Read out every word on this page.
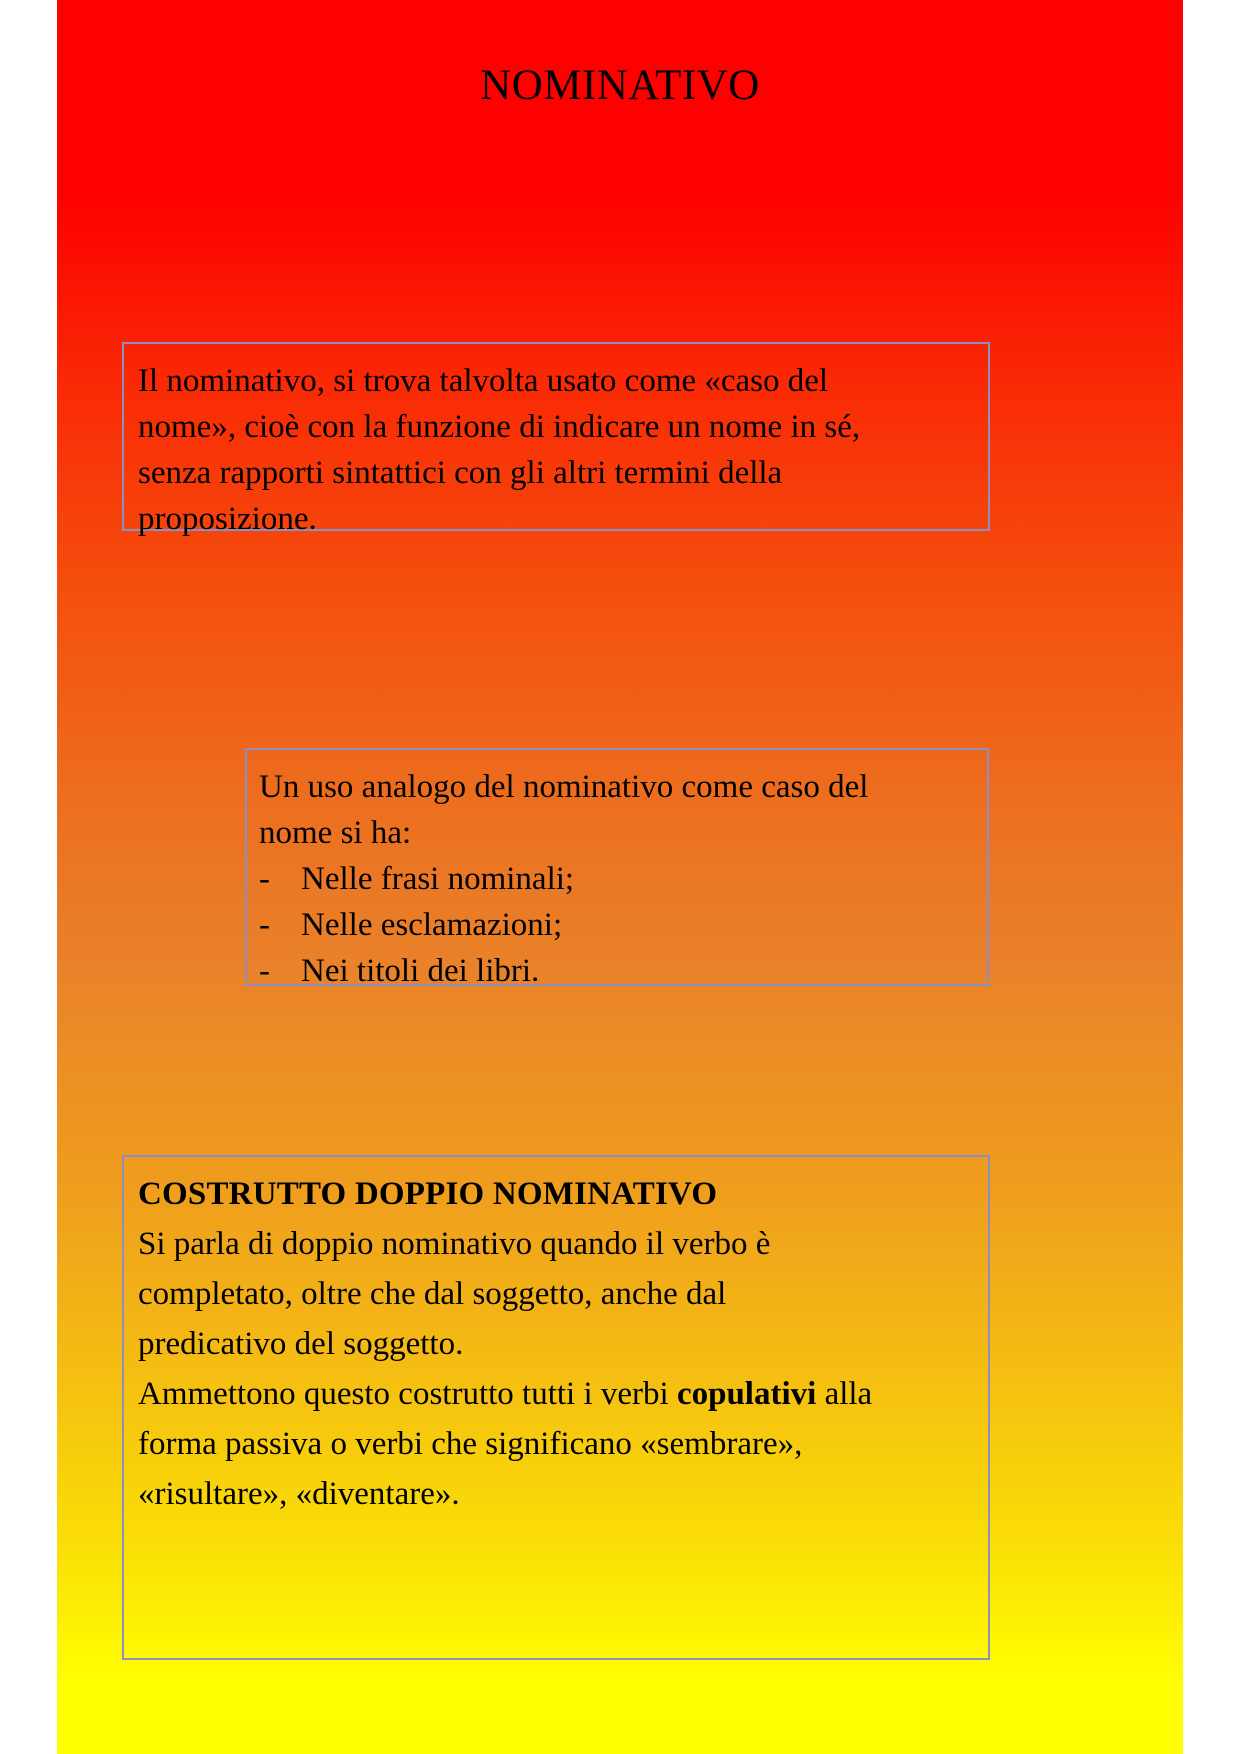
NOMINATIVO

Il nominativo, si trova talvolta usato come «caso del

nome», cioè con la funzione di indicare un nome in sé,

senza rapporti sintattici con gli altri termini della

proposizione.

Un uso analogo del nominativo come caso del

nome si ha:

- Nelle frasi nominali;
- Nelle esclamazioni;
- Nei titoli dei libri.

COSTRUTTO DOPPIO NOMINATIVO

Si parla di doppio nominativo quando il verbo è

completato, oltre che dal soggetto, anche dal

predicativo del soggetto.

Ammettono questo costrutto tutti i verbi copulativi alla

forma passiva o verbi che significano «sembrare»,

«risultare», «diventare».
